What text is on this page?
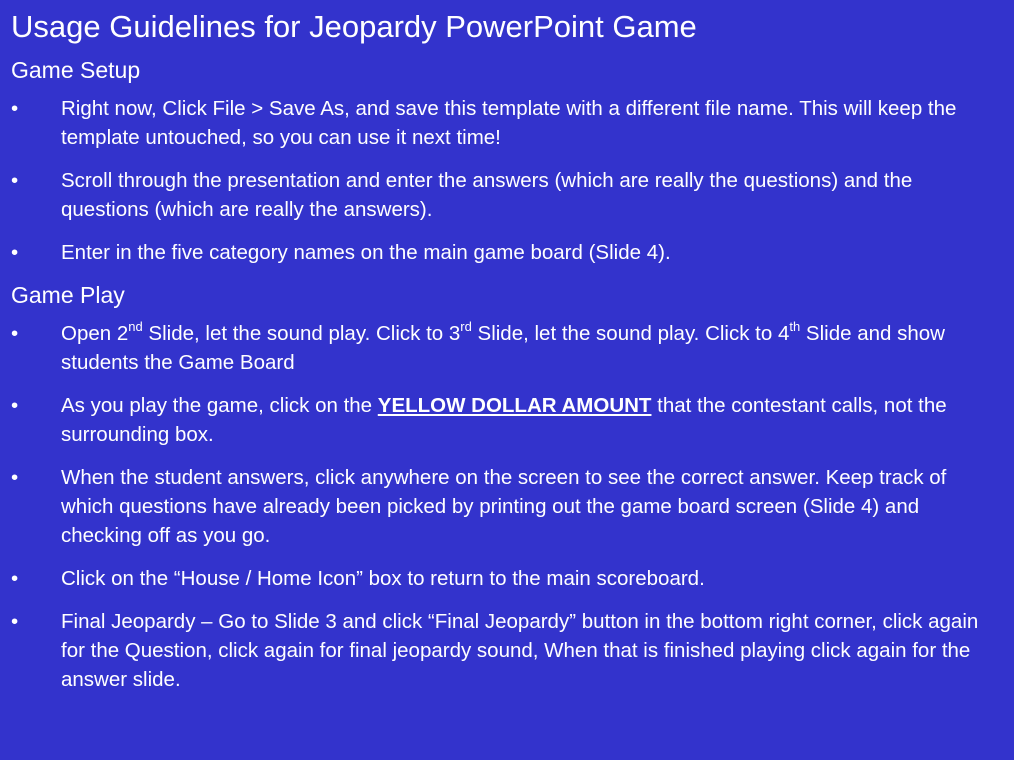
Usage Guidelines for Jeopardy PowerPoint Game
Game Setup
•	Right now, Click File > Save As, and save this template with a different file name. This will keep the template untouched, so you can use it next time!
•	Scroll through the presentation and enter the answers (which are really the questions) and the questions (which are really the answers).
•	Enter in the five category names on the main game board (Slide 4).
Game Play
•	Open 2nd Slide, let the sound play. Click to 3rd Slide, let the sound play. Click to 4th Slide and show students the Game Board
•	As you play the game, click on the YELLOW DOLLAR AMOUNT that the contestant calls, not the surrounding box.
•	When the student answers, click anywhere on the screen to see the correct answer. Keep track of which questions have already been picked by printing out the game board screen (Slide 4) and checking off as you go.
•	Click on the “House / Home Icon” box to return to the main scoreboard.
•	Final Jeopardy – Go to Slide 3 and click “Final Jeopardy” button in the bottom right corner, click again for the Question, click again for final jeopardy sound, When that is finished playing click again for the answer slide.
